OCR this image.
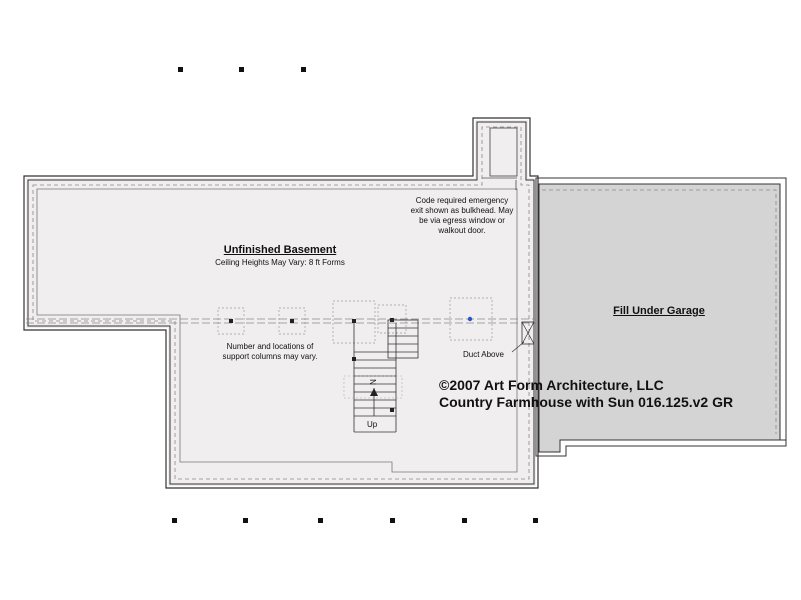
Unfinished Basement
Ceiling Heights May Vary: 8 ft Forms
Code required emergency
exit shown as bulkhead. May
be via egress window or
walkout door.
Number and locations of
support columns may vary.	Duct Above
Up
N
Fill Under Garage
©2007 Art Form Architecture, LLC
Country Farmhouse with Sun 016.125.v2 GR
